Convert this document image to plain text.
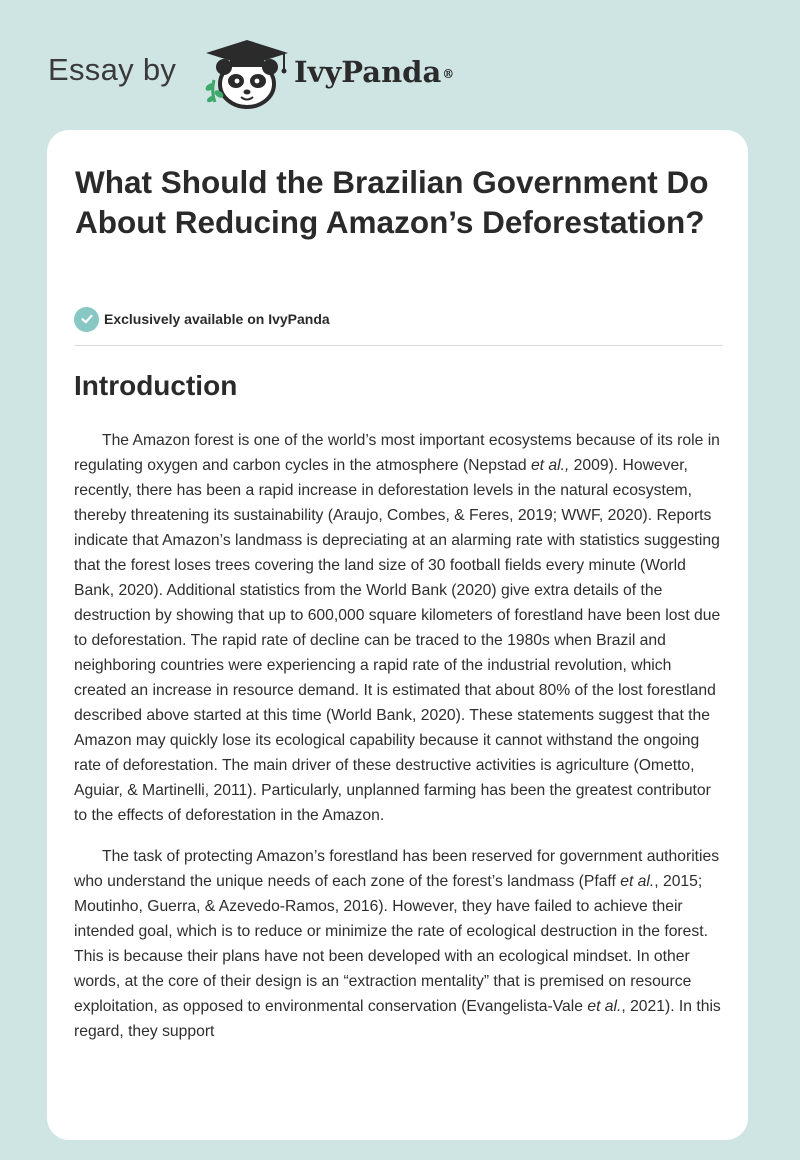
Essay by	IvyPanda®
What Should the Brazilian Government Do About Reducing Amazon’s Deforestation?
Exclusively available on IvyPanda
Introduction

The Amazon forest is one of the world’s most important ecosystems because of its role in regulating oxygen and carbon cycles in the atmosphere (Nepstad et al., 2009). However, recently, there has been a rapid increase in deforestation levels in the natural ecosystem, thereby threatening its sustainability (Araujo, Combes, & Feres, 2019; WWF, 2020). Reports indicate that Amazon’s landmass is depreciating at an alarming rate with statistics suggesting that the forest loses trees covering the land size of 30 football fields every minute (World Bank, 2020). Additional statistics from the World Bank (2020) give extra details of the destruction by showing that up to 600,000 square kilometers of forestland have been lost due to deforestation. The rapid rate of decline can be traced to the 1980s when Brazil and neighboring countries were experiencing a rapid rate of the industrial revolution, which created an increase in resource demand. It is estimated that about 80% of the lost forestland described above started at this time (World Bank, 2020). These statements suggest that the Amazon may quickly lose its ecological capability because it cannot withstand the ongoing rate of deforestation. The main driver of these destructive activities is agriculture (Ometto, Aguiar, & Martinelli, 2011). Particularly, unplanned farming has been the greatest contributor to the effects of deforestation in the Amazon.

The task of protecting Amazon’s forestland has been reserved for government authorities who understand the unique needs of each zone of the forest’s landmass (Pfaff et al., 2015; Moutinho, Guerra, & Azevedo-Ramos, 2016). However, they have failed to achieve their intended goal, which is to reduce or minimize the rate of ecological destruction in the forest. This is because their plans have not been developed with an ecological mindset. In other words, at the core of their design is an “extraction mentality” that is premised on resource exploitation, as opposed to environmental conservation (Evangelista-Vale et al., 2021). In this regard, they support
